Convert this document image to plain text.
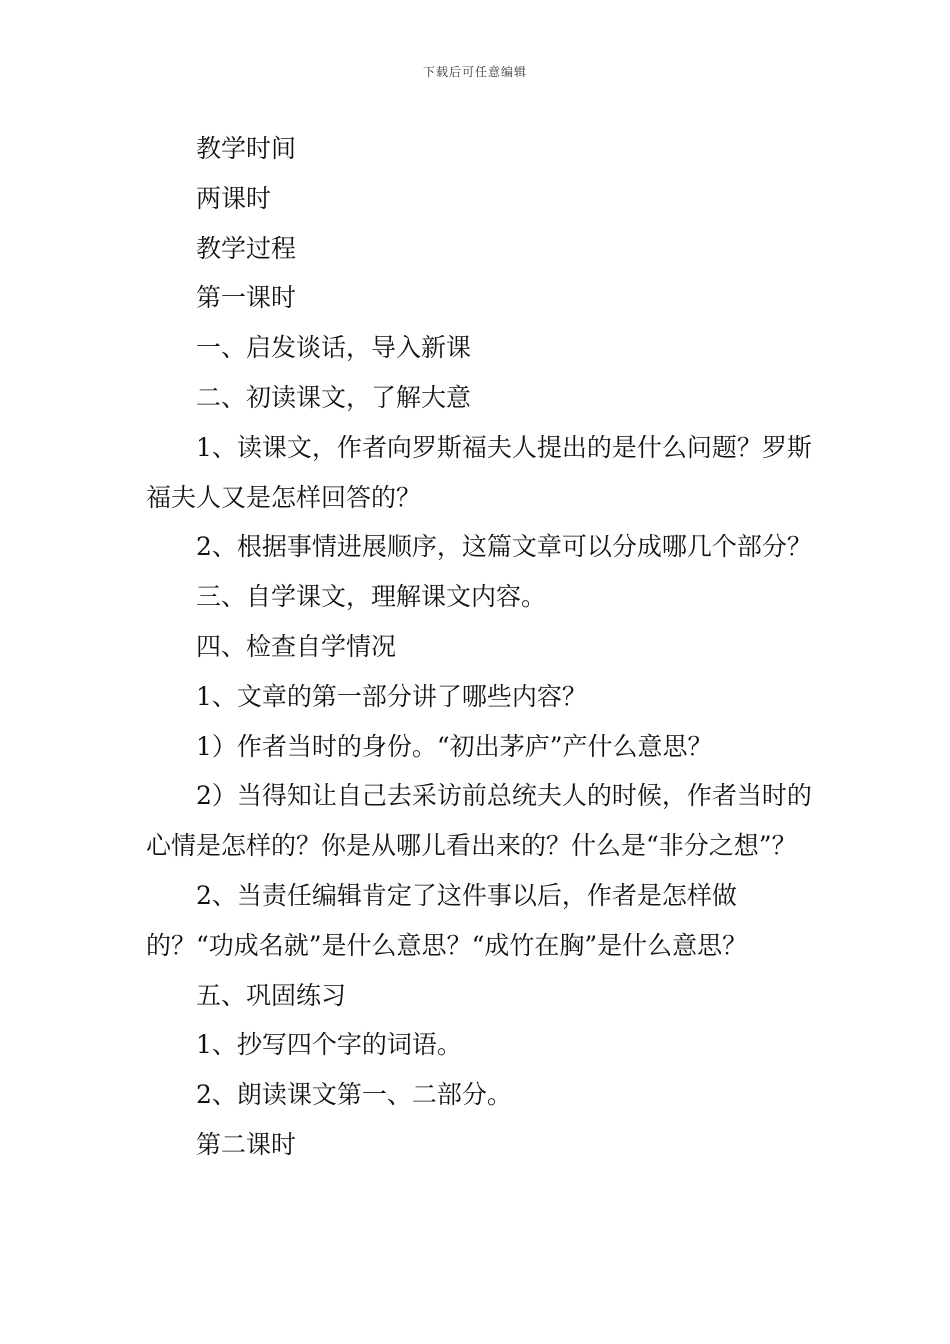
下载后可任意编辑

教学时间

两课时

教学过程

第一课时

一、启发谈话，导入新课

二、初读课文，了解大意

1、读课文，作者向罗斯福夫人提出的是什么问题？罗斯福夫人又是怎样回答的？

2、根据事情进展顺序，这篇文章可以分成哪几个部分？

三、自学课文，理解课文内容。

四、检查自学情况

1、文章的第一部分讲了哪些内容？

1）作者当时的身份。“初出茅庐”产什么意思？

2）当得知让自己去采访前总统夫人的时候，作者当时的心情是怎样的？你是从哪儿看出来的？什么是“非分之想”？

2、当责任编辑肯定了这件事以后，作者是怎样做的？“功成名就”是什么意思？“成竹在胸”是什么意思？

五、巩固练习

1、抄写四个字的词语。

2、朗读课文第一、二部分。

第二课时
